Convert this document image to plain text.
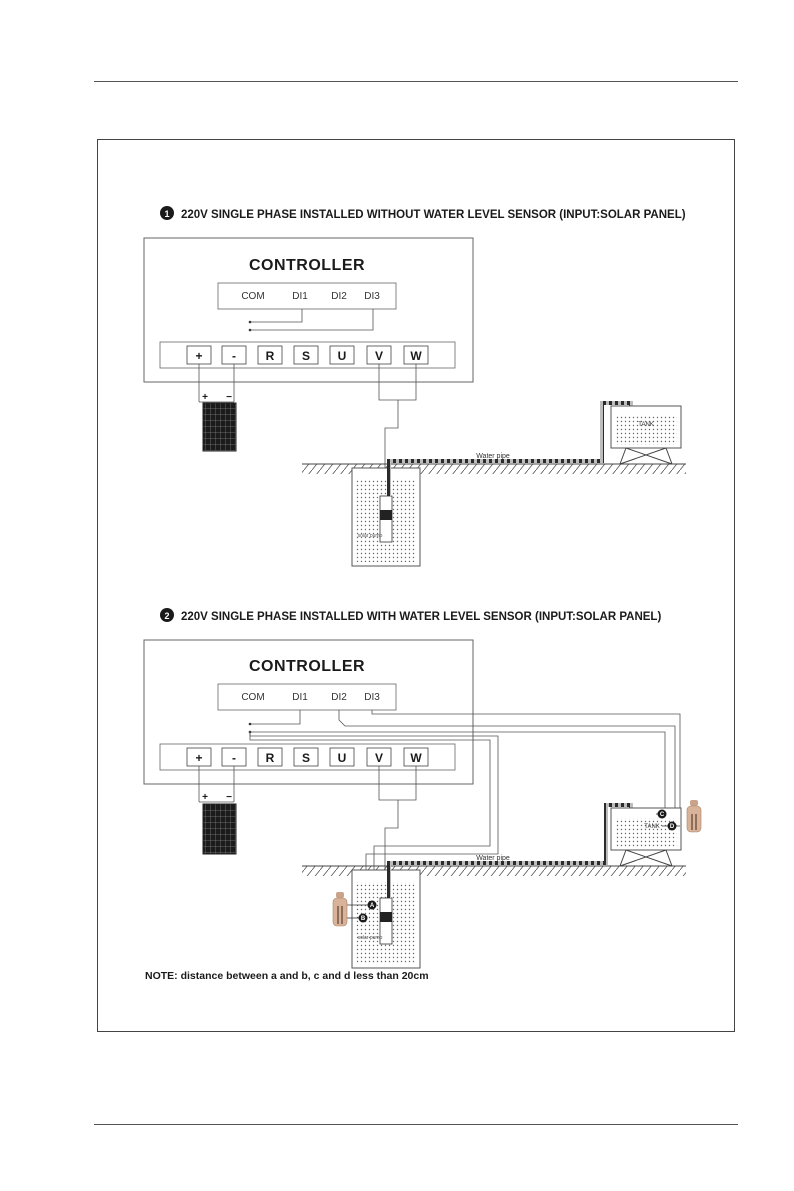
1 220V SINGLE PHASE INSTALLED WITHOUT WATER LEVEL SENSOR (INPUT:SOLAR PANEL)
CONTROLLER
COM	DI1 DI2 DI3
+ - R S U V W
+ −
solar pump
Water pipe
TANK
2 220V SINGLE PHASE INSTALLED WITH WATER LEVEL SENSOR (INPUT:SOLAR PANEL)
CONTROLLER
COM	DI1 DI2 DI3
+ - R S U V W
+ −
solar pump
Water pipe
TANK
C
D
A
B
NOTE: distance between a and b, c and d less than 20cm
